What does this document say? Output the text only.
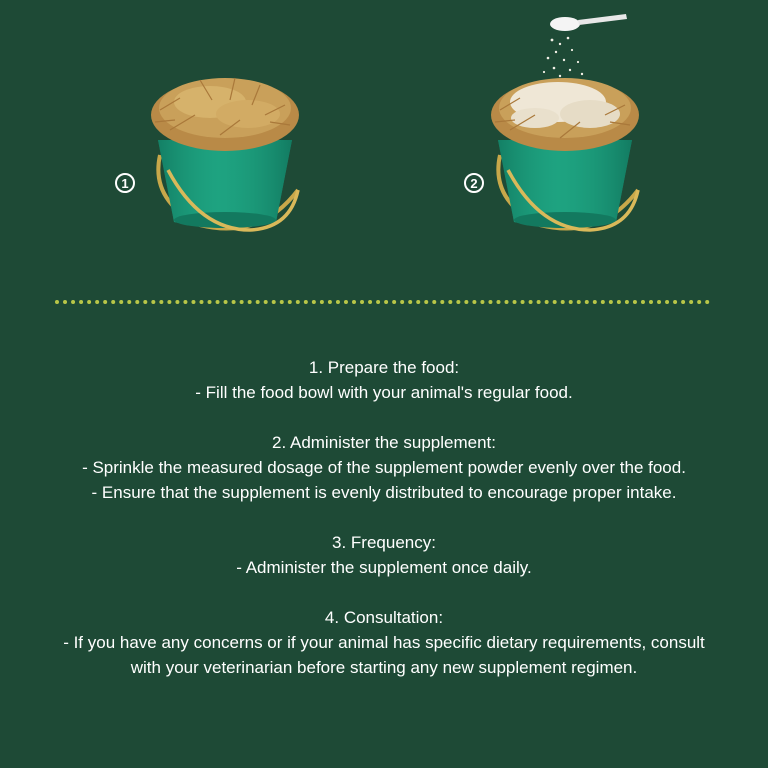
1	2

1. Prepare the food:

- Fill the food bowl with your animal's regular food.

2. Administer the supplement:

- Sprinkle the measured dosage of the supplement powder evenly over the food.

- Ensure that the supplement is evenly distributed to encourage proper intake.

3. Frequency:

- Administer the supplement once daily.

4. Consultation:

- If you have any concerns or if your animal has specific dietary requirements, consult

with your veterinarian before starting any new supplement regimen.
